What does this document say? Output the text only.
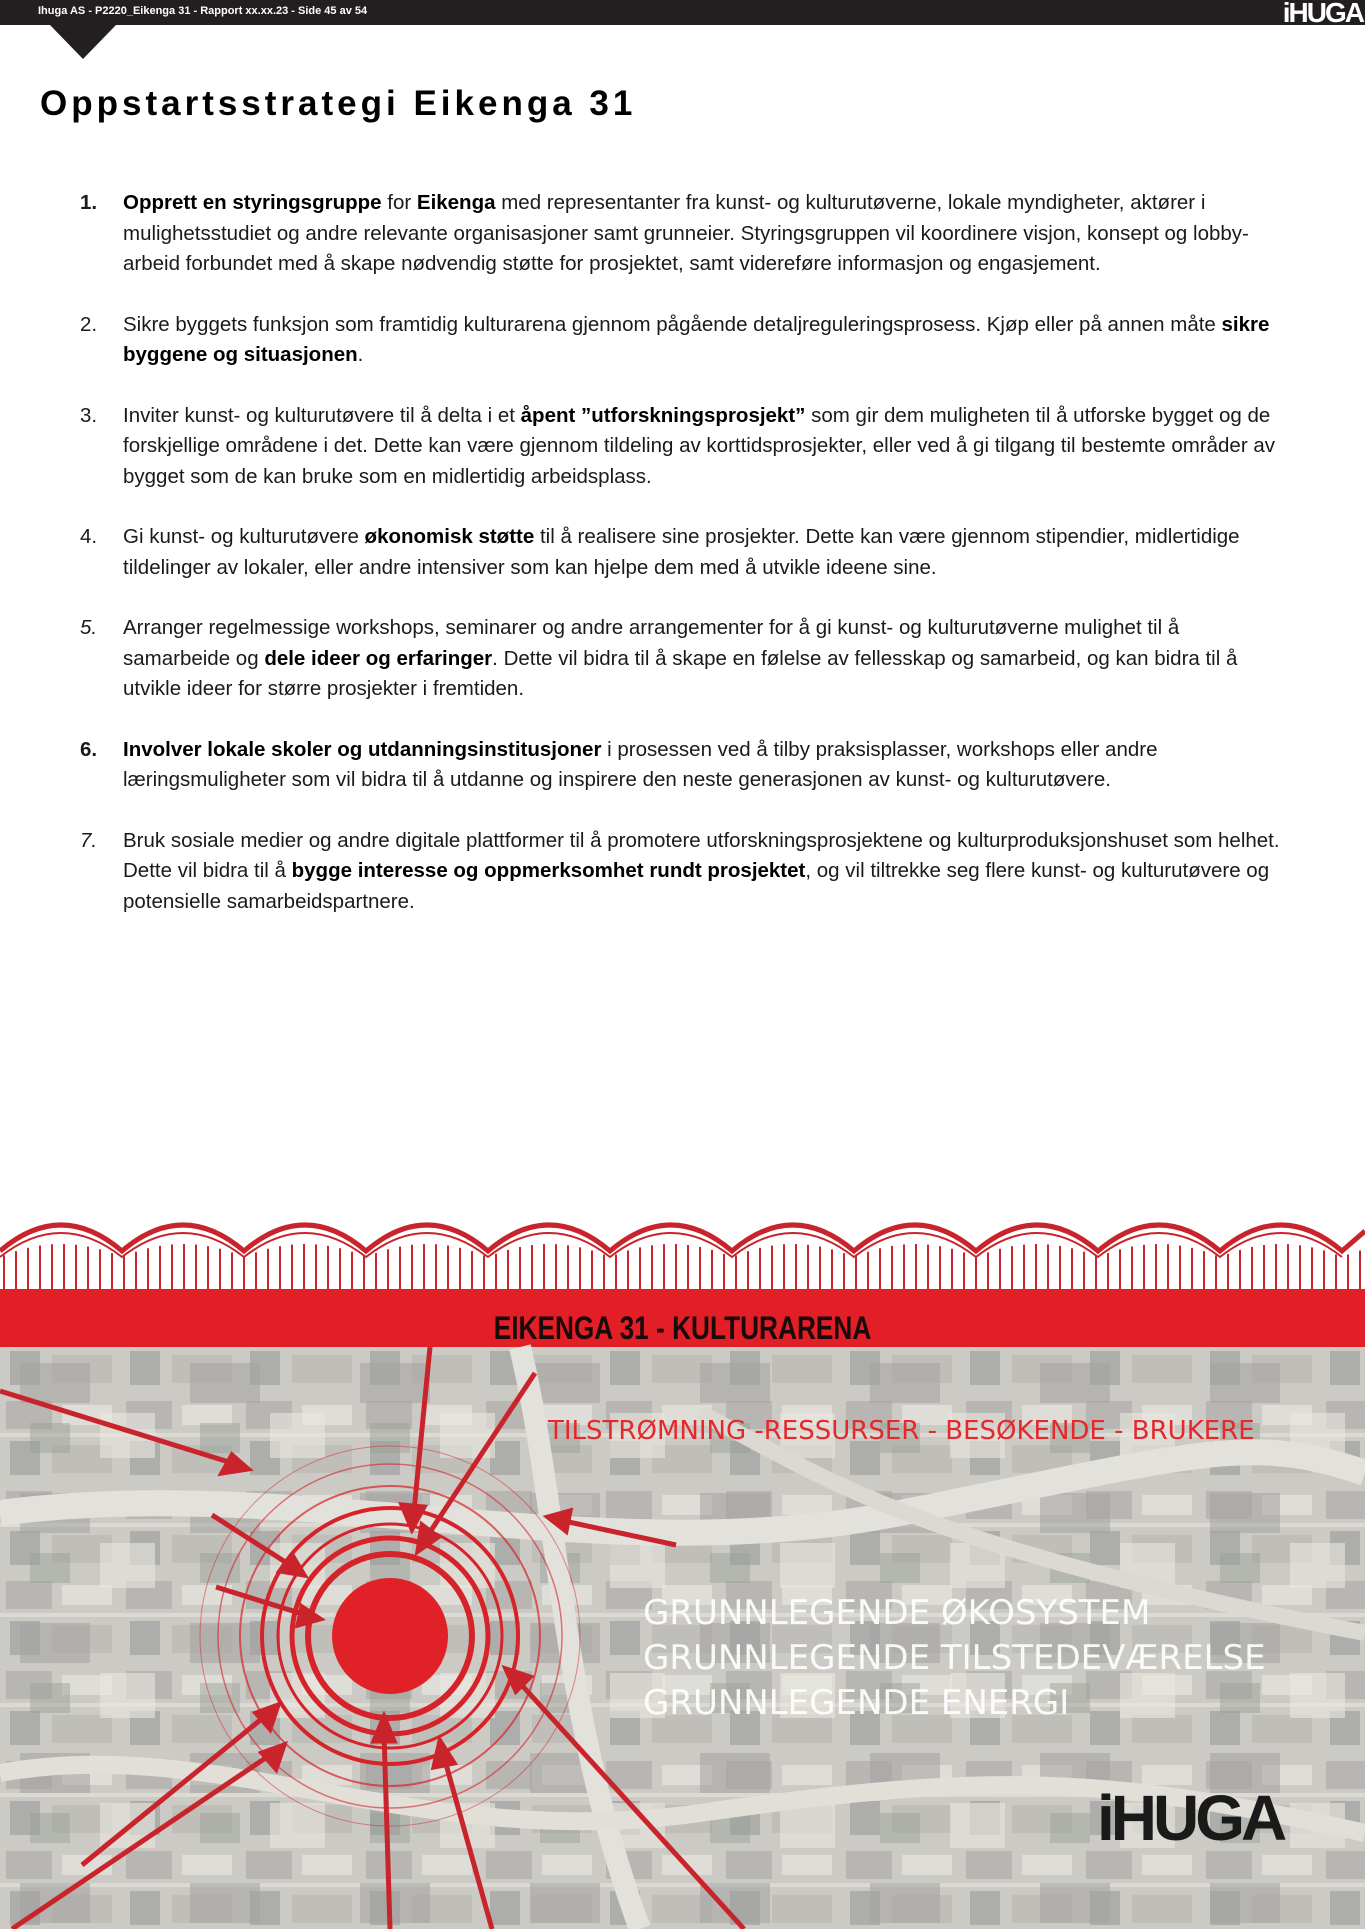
Ihuga AS - P2220_Eikenga 31 - Rapport xx.xx.23 - Side 45 av 54	iHUGA
Oppstartsstrategi Eikenga 31
1.	Opprett en styringsgruppe for Eikenga med representanter fra kunst- og kulturutøverne, lokale myndigheter, aktører i mulighetsstudiet og andre relevante organisasjoner samt grunneier. Styringsgruppen vil koordinere visjon, konsept og lobby-arbeid forbundet med å skape nødvendig støtte for prosjektet, samt videreføre informasjon og engasjement.
2.	Sikre byggets funksjon som framtidig kulturarena gjennom pågående detaljreguleringsprosess. Kjøp eller på annen måte sikre byggene og situasjonen.
3.	Inviter kunst- og kulturutøvere til å delta i et åpent ”utforskningsprosjekt” som gir dem muligheten til å utforske bygget og de forskjellige områdene i det. Dette kan være gjennom tildeling av korttidsprosjekter, eller ved å gi tilgang til bestemte områder av bygget som de kan bruke som en midlertidig arbeidsplass.
4.	Gi kunst- og kulturutøvere økonomisk støtte til å realisere sine prosjekter. Dette kan være gjennom stipendier, midlertidige tildelinger av lokaler, eller andre intensiver som kan hjelpe dem med å utvikle ideene sine.
5.	Arranger regelmessige workshops, seminarer og andre arrangementer for å gi kunst- og kulturutøverne mulighet til å samarbeide og dele ideer og erfaringer. Dette vil bidra til å skape en følelse av fellesskap og samarbeid, og kan bidra til å utvikle ideer for større prosjekter i fremtiden.
6.	Involver lokale skoler og utdanningsinstitusjoner i prosessen ved å tilby praksisplasser, workshops eller andre læringsmuligheter som vil bidra til å utdanne og inspirere den neste generasjonen av kunst- og kulturutøvere.
7.	Bruk sosiale medier og andre digitale plattformer til å promotere utforskningsprosjektene og kulturproduksjonshuset som helhet. Dette vil bidra til å bygge interesse og oppmerksomhet rundt prosjektet, og vil tiltrekke seg flere kunst- og kulturutøvere og potensielle samarbeidspartnere.
EIKENGA 31 - KULTURARENA
TILSTRØMNING -RESSURSER - BESØKENDE - BRUKERE
GRUNNLEGENDE ØKOSYSTEM
GRUNNLEGENDE TILSTEDEVÆRELSE
GRUNNLEGENDE ENERGI
iHUGA
